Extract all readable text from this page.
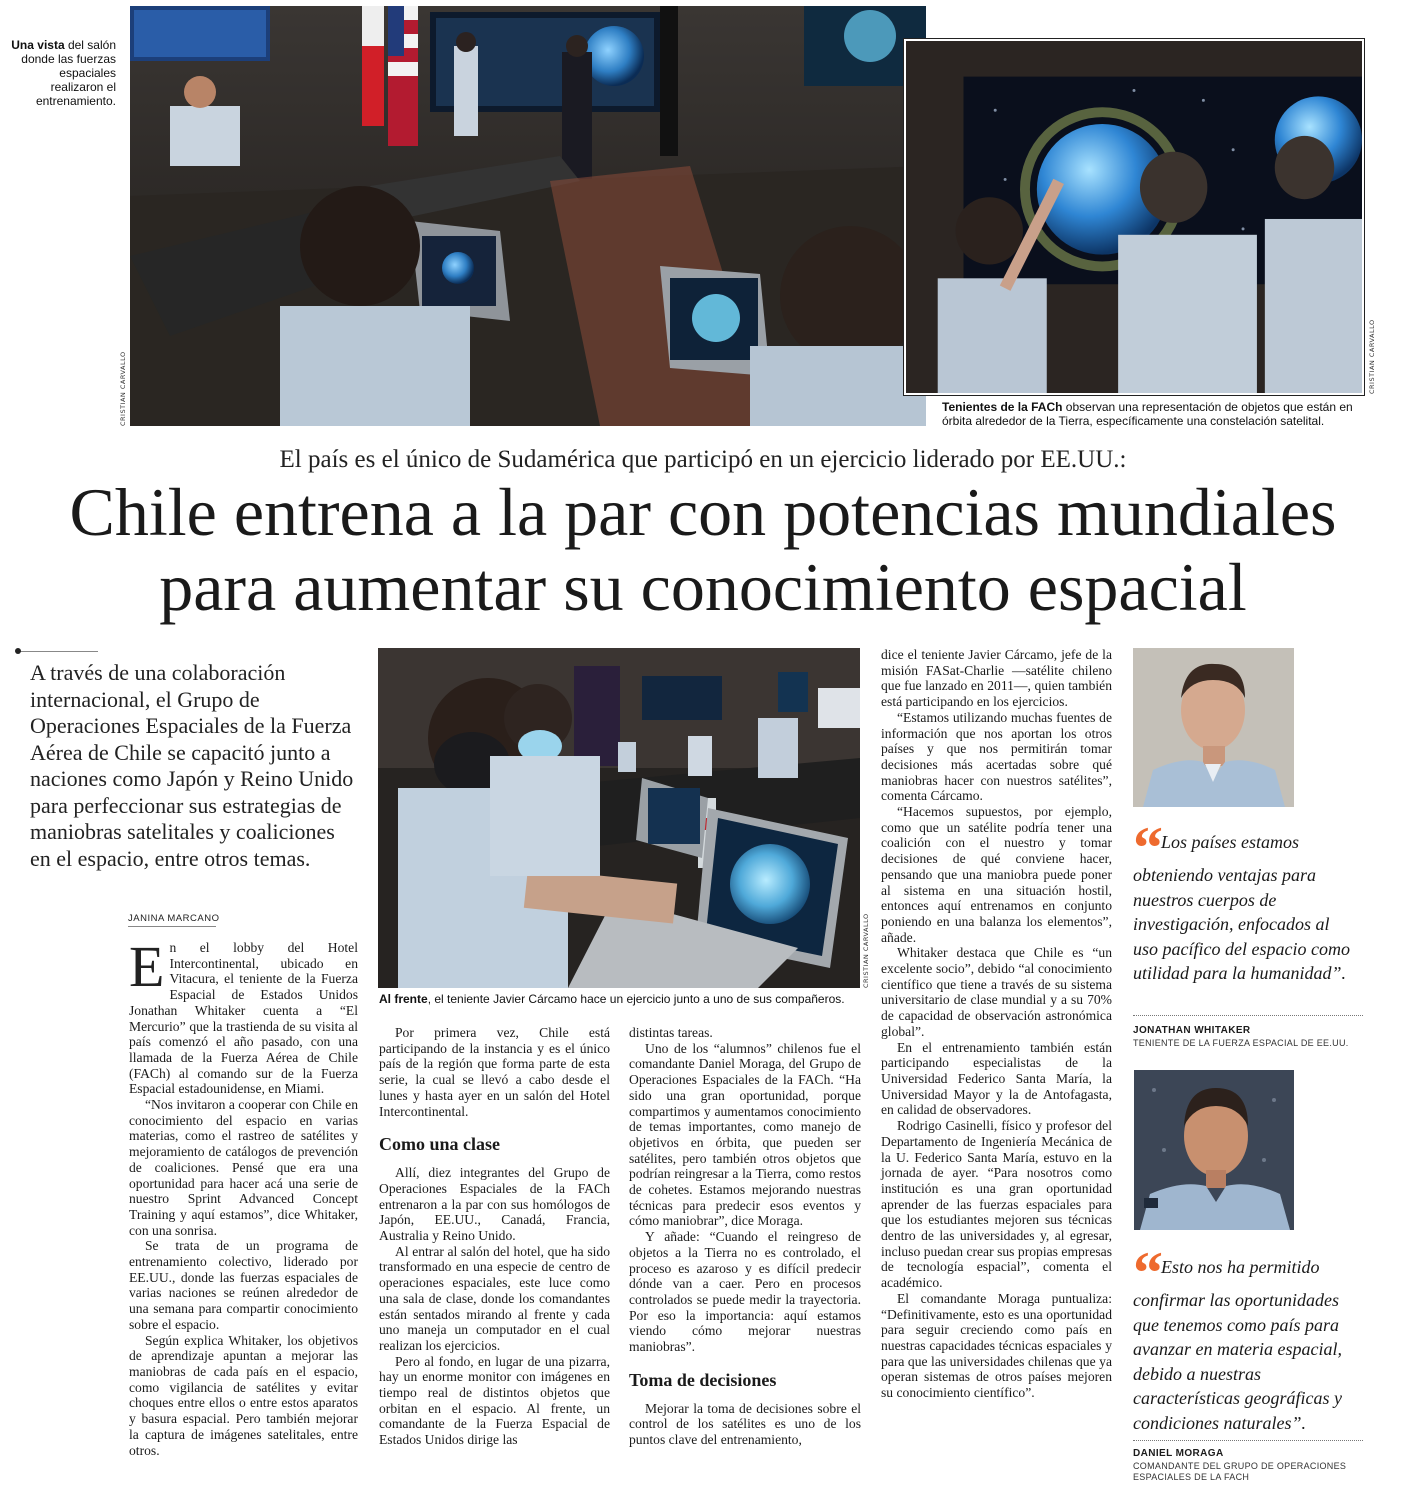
CRISTIAN CARVALLO
Una vista del salón donde las fuerzas espaciales realizaron el entrenamiento.
CRISTIAN CARVALLO
Tenientes de la FACh observan una representación de objetos que están en órbita alrededor de la Tierra, específicamente una constelación satelital.
El país es el único de Sudamérica que participó en un ejercicio liderado por EE.UU.:
Chile entrena a la par con potencias mundiales
para aumentar su conocimiento espacial
A través de una colaboración internacional, el Grupo de Operaciones Espaciales de la Fuerza Aérea de Chile se capacitó junto a naciones como Japón y Reino Unido para perfeccionar sus estrategias de maniobras satelitales y coaliciones en el espacio, entre otros temas.
JANINA MARCANO	CRISTIAN CARVALLO
Al frente, el teniente Javier Cárcamo hace un ejercicio junto a uno de sus compañeros.

En el lobby del Hotel Intercontinental, ubicado en Vitacura, el teniente de la Fuerza Espacial de Estados Unidos Jonathan Whitaker cuenta a “El Mercurio” que la trastienda de su visita al país comenzó el año pasado, con una llamada de la Fuerza Aérea de Chile (FACh) al comando sur de la Fuerza Espacial estadounidense, en Miami.

“Nos invitaron a cooperar con Chile en conocimiento del espacio en varias materias, como el rastreo de satélites y mejoramiento de catálogos de prevención de coaliciones. Pensé que era una oportunidad para hacer acá una serie de nuestro Sprint Advanced Concept Training y aquí estamos”, dice Whitaker, con una sonrisa.

Se trata de un programa de entrenamiento colectivo, liderado por EE.UU., donde las fuerzas espaciales de varias naciones se reúnen alrededor de una semana para compartir conocimiento sobre el espacio.

Según explica Whitaker, los objetivos de aprendizaje apuntan a mejorar las maniobras de cada país en el espacio, como vigilancia de satélites y evitar choques entre ellos o entre estos aparatos y basura espacial. Pero también mejorar la captura de imágenes satelitales, entre otros.

Por primera vez, Chile está participando de la instancia y es el único país de la región que forma parte de esta serie, la cual se llevó a cabo desde el lunes y hasta ayer en un salón del Hotel Intercontinental.

Como una clase

Allí, diez integrantes del Grupo de Operaciones Espaciales de la FACh entrenaron a la par con sus homólogos de Japón, EE.UU., Canadá, Francia, Australia y Reino Unido.

Al entrar al salón del hotel, que ha sido transformado en una especie de centro de operaciones espaciales, este luce como una sala de clase, donde los comandantes están sentados mirando al frente y cada uno maneja un computador en el cual realizan los ejercicios.

Pero al fondo, en lugar de una pizarra, hay un enorme monitor con imágenes en tiempo real de distintos objetos que orbitan en el espacio. Al frente, un comandante de la Fuerza Espacial de Estados Unidos dirige las

distintas tareas.

Uno de los “alumnos” chilenos fue el comandante Daniel Moraga, del Grupo de Operaciones Espaciales de la FACh. “Ha sido una gran oportunidad, porque compartimos y aumentamos conocimiento de temas importantes, como manejo de objetivos en órbita, que pueden ser satélites, pero también otros objetos que podrían reingresar a la Tierra, como restos de cohetes. Estamos mejorando nuestras técnicas para predecir esos eventos y cómo maniobrar”, dice Moraga.

Y añade: “Cuando el reingreso de objetos a la Tierra no es controlado, el proceso es azaroso y es difícil predecir dónde van a caer. Pero en procesos controlados se puede medir la trayectoria. Por eso la importancia: aquí estamos viendo cómo mejorar nuestras maniobras”.

Toma de decisiones

Mejorar la toma de decisiones sobre el control de los satélites es uno de los puntos clave del entrenamiento,

dice el teniente Javier Cárcamo, jefe de la misión FASat-Charlie —satélite chileno que fue lanzado en 2011—, quien también está participando en los ejercicios.

“Estamos utilizando muchas fuentes de información que nos aportan los otros países y que nos permitirán tomar decisiones más acertadas sobre qué maniobras hacer con nuestros satélites”, comenta Cárcamo.

“Hacemos supuestos, por ejemplo, como que un satélite podría tener una coalición con el nuestro y tomar decisiones de qué conviene hacer, pensando que una maniobra puede poner al sistema en una situación hostil, entonces aquí entrenamos en conjunto poniendo en una balanza los elementos”, añade.

Whitaker destaca que Chile es “un excelente socio”, debido “al conocimiento científico que tiene a través de su sistema universitario de clase mundial y a su 70% de capacidad de observación astronómica global”.

En el entrenamiento también están participando especialistas de la Universidad Federico Santa María, la Universidad Mayor y la de Antofagasta, en calidad de observadores.

Rodrigo Casinelli, físico y profesor del Departamento de Ingeniería Mecánica de la U. Federico Santa María, estuvo en la jornada de ayer. “Para nosotros como institución es una gran oportunidad aprender de las fuerzas espaciales para que los estudiantes mejoren sus técnicas dentro de las universidades y, al egresar, incluso puedan crear sus propias empresas de tecnología espacial”, comenta el académico.

El comandante Moraga puntualiza: “Definitivamente, esto es una oportunidad para seguir creciendo como país en nuestras capacidades técnicas espaciales y para que las universidades chilenas que ya operan sistemas de otros países mejoren su conocimiento científico”.

“ Los países estamos obteniendo ventajas para nuestros cuerpos de investigación, enfocados al uso pacífico del espacio como utilidad para la humanidad”.
JONATHAN WHITAKER
TENIENTE DE LA FUERZA ESPACIAL DE EE.UU.
“ Esto nos ha permitido confirmar las oportunidades que tenemos como país para avanzar en materia espacial, debido a nuestras características geográficas y condiciones naturales”.
DANIEL MORAGA
COMANDANTE DEL GRUPO DE OPERACIONES ESPACIALES DE LA FACH
